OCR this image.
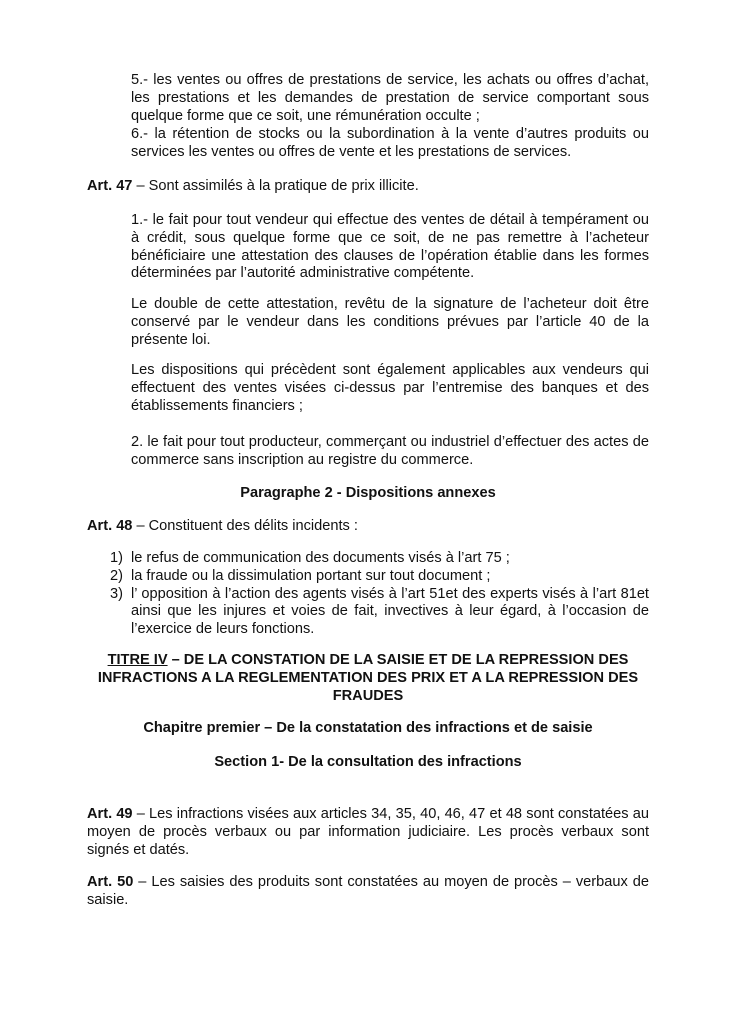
5.- les ventes ou offres de prestations de service, les achats ou offres d’achat, les prestations et les demandes de prestation de service comportant sous quelque forme que ce soit, une rémunération occulte ;

6.- la rétention de stocks ou la subordination à la vente d’autres produits ou services les ventes ou offres de vente et les prestations de services.

Art. 47 – Sont assimilés à la pratique de prix illicite.

1.- le fait pour tout vendeur qui effectue des ventes de détail à tempérament ou à crédit, sous quelque forme que ce soit, de ne pas remettre à l’acheteur bénéficiaire une attestation des clauses de l’opération établie dans les formes déterminées par l’autorité administrative compétente.

Le double de cette attestation, revêtu de la signature de l’acheteur doit être conservé par le vendeur dans les conditions prévues par l’article 40 de la présente loi.

Les dispositions qui précèdent sont également applicables aux vendeurs qui effectuent des ventes visées ci-dessus par l’entremise des banques et des établissements financiers ;

2. le fait pour tout producteur, commerçant ou industriel d’effectuer des actes de commerce sans inscription au registre du commerce.

Paragraphe 2 - Dispositions annexes

Art. 48 – Constituent des délits incidents :

1) le refus de communication des documents visés à l’art 75 ;
2) la fraude ou la dissimulation portant sur tout document ;
3) l’ opposition à l’action des agents visés à l’art 51et des experts visés à l’art 81et ainsi que les injures et voies de fait, invectives à leur égard, à l’occasion de l’exercice de leurs fonctions.

TITRE IV – DE LA CONSTATION DE LA SAISIE ET DE LA REPRESSION DES INFRACTIONS A LA REGLEMENTATION DES PRIX ET A LA REPRESSION DES FRAUDES

Chapitre premier – De la constatation des infractions et de saisie

Section 1- De la consultation des infractions

Art. 49 – Les infractions visées aux articles 34, 35, 40, 46, 47 et 48 sont constatées au moyen de procès verbaux ou par information judiciaire. Les procès verbaux sont signés et datés.

Art. 50 – Les saisies des produits sont constatées au moyen de procès – verbaux de saisie.
